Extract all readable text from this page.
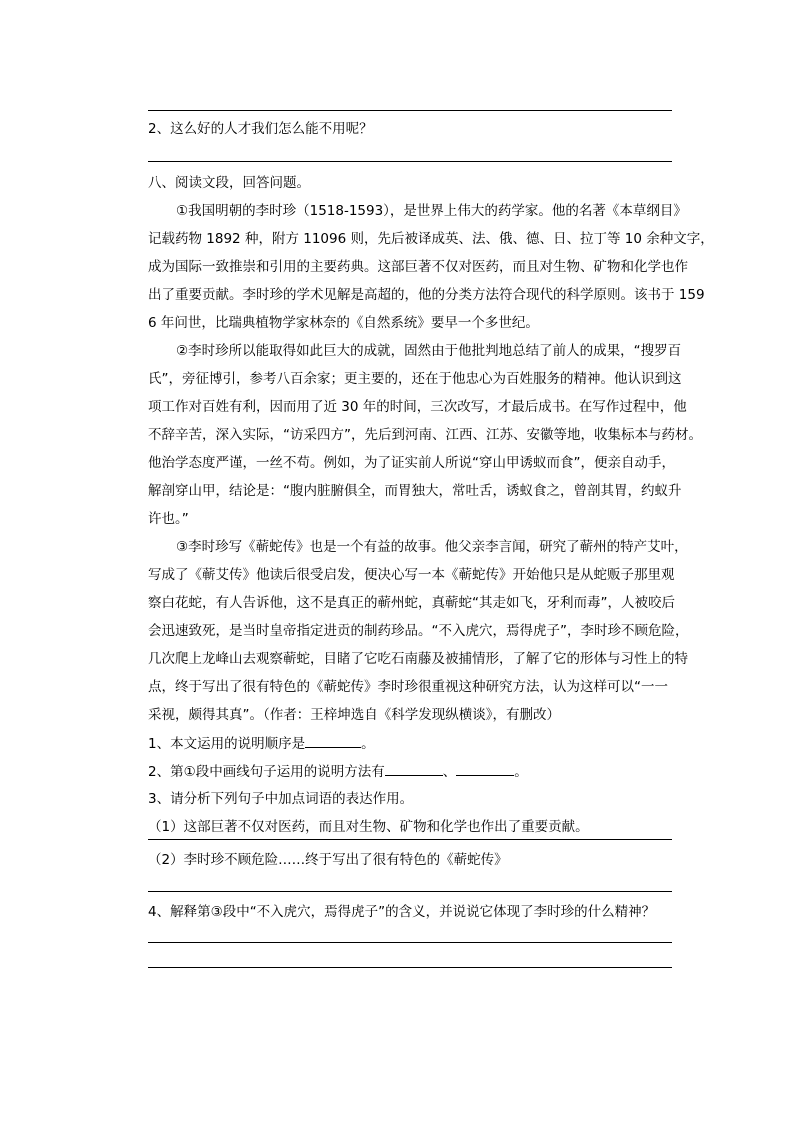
2、这么好的人才我们怎么能不用呢？
八、阅读文段，回答问题。
①我国明朝的李时珍（1518-1593），是世界上伟大的药学家。他的名著《本草纲目》
记载药物 1892 种，附方 11096 则，先后被译成英、法、俄、德、日、拉丁等 10 余种文字，
成为国际一致推崇和引用的主要药典。这部巨著不仅对医药，而且对生物、矿物和化学也作
出了重要贡献。李时珍的学术见解是高超的，他的分类方法符合现代的科学原则。该书于 159
6 年问世，比瑞典植物学家林奈的《自然系统》要早一个多世纪。
②李时珍所以能取得如此巨大的成就，固然由于他批判地总结了前人的成果，“搜罗百
氏”，旁征博引，参考八百余家；更主要的，还在于他忠心为百姓服务的精神。他认识到这
项工作对百姓有利，因而用了近 30 年的时间，三次改写，才最后成书。在写作过程中，他
不辞辛苦，深入实际，“访采四方”，先后到河南、江西、江苏、安徽等地，收集标本与药材。
他治学态度严谨，一丝不苟。例如，为了证实前人所说“穿山甲诱蚁而食”，便亲自动手，
解剖穿山甲，结论是：“腹内脏腑俱全，而胃独大，常吐舌，诱蚁食之，曾剖其胃，约蚁升
许也。”
③李时珍写《蕲蛇传》也是一个有益的故事。他父亲李言闻，研究了蕲州的特产艾叶，
写成了《蕲艾传》他读后很受启发，便决心写一本《蕲蛇传》开始他只是从蛇贩子那里观
察白花蛇，有人告诉他，这不是真正的蕲州蛇，真蕲蛇“其走如飞，牙利而毒”，人被咬后
会迅速致死，是当时皇帝指定进贡的制药珍品。“不入虎穴，焉得虎子”，李时珍不顾危险，
几次爬上龙峰山去观察蕲蛇，目睹了它吃石南藤及被捕情形，了解了它的形体与习性上的特
点，终于写出了很有特色的《蕲蛇传》李时珍很重视这种研究方法，认为这样可以“一一
采视，颇得其真”。（作者：王梓坤选自《科学发现纵横谈》，有删改）
1、本文运用的说明顺序是	。
2、第①段中画线句子运用的说明方法有	、	。
3、请分析下列句子中加点词语的表达作用。
（1）这部巨著不仅对医药，而且对生物、矿物和化学也作出了重要贡献。
（2）李时珍不顾危险……终于写出了很有特色的《蕲蛇传》
4、解释第③段中“不入虎穴，焉得虎子”的含义，并说说它体现了李时珍的什么精神？
